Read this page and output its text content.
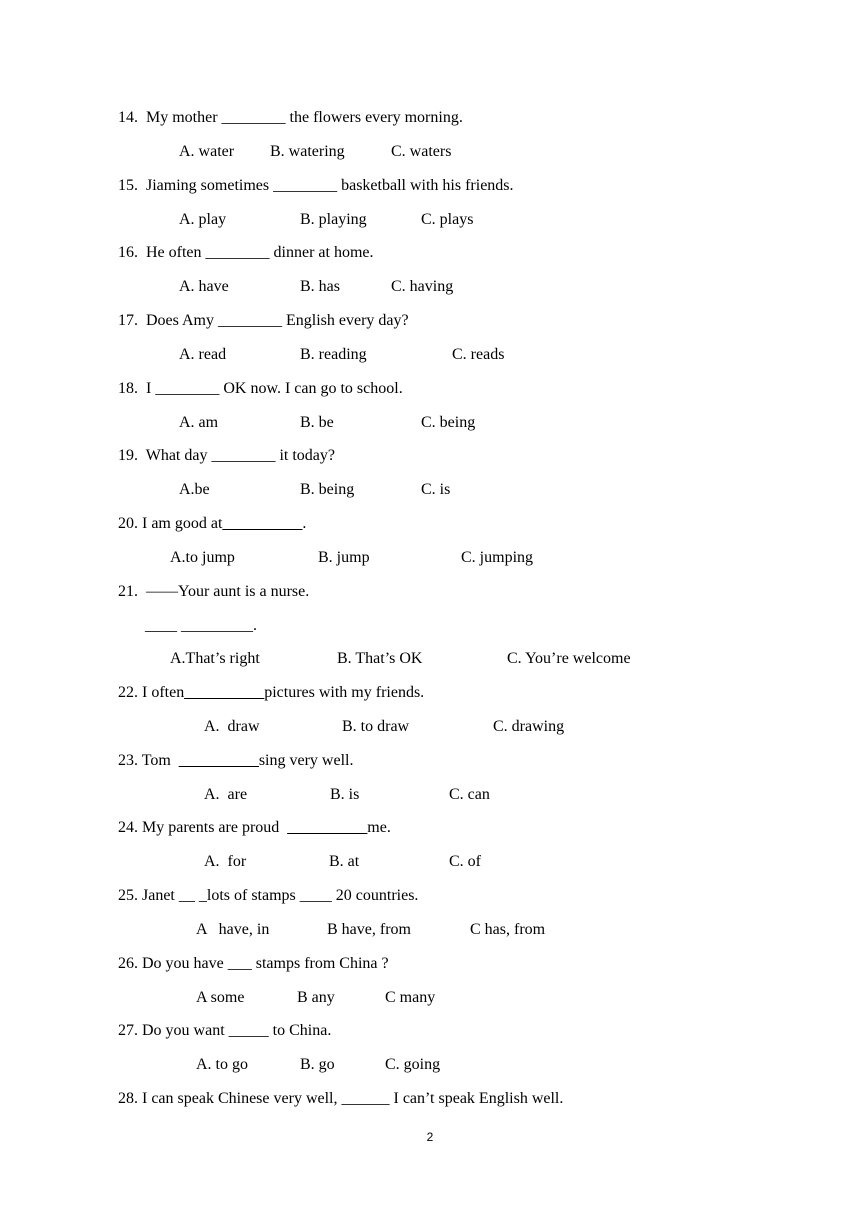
14.  My mother ________ the flowers every morning.
A. water B. watering	C. waters
15.  Jiaming sometimes ________ basketball with his friends.
A. play	B. playing	C. plays
16.  He often ________ dinner at home.
A. have	B. has	C. having
17.  Does Amy ________ English every day?
A. read	B. reading	C. reads
18.  I ________ OK now. I can go to school.
A. am	B. be	C. being
19.  What day ________ it today?
A.be	B. being	C. is
20. I am good at__________.
A.to jump	B. jump	C. jumping
21.  ——Your aunt is a nurse.
____ _________.
A.That’s right	B. That’s OK	C. You’re welcome
22. I often__________pictures with my friends.
A.  draw	B. to draw	C. drawing
23. Tom  __________sing very well.
A.  are	B. is	C. can
24. My parents are proud  __________me.
A.  for	B. at	C. of
25. Janet __ _lots of stamps ____ 20 countries.
A   have, in	B have, from	C has, from
26. Do you have ___ stamps from China ?
A some	B any	C many
27. Do you want _____ to China.
A. to go	B. go	C. going
28. I can speak Chinese very well, ______ I can’t speak English well.
2
